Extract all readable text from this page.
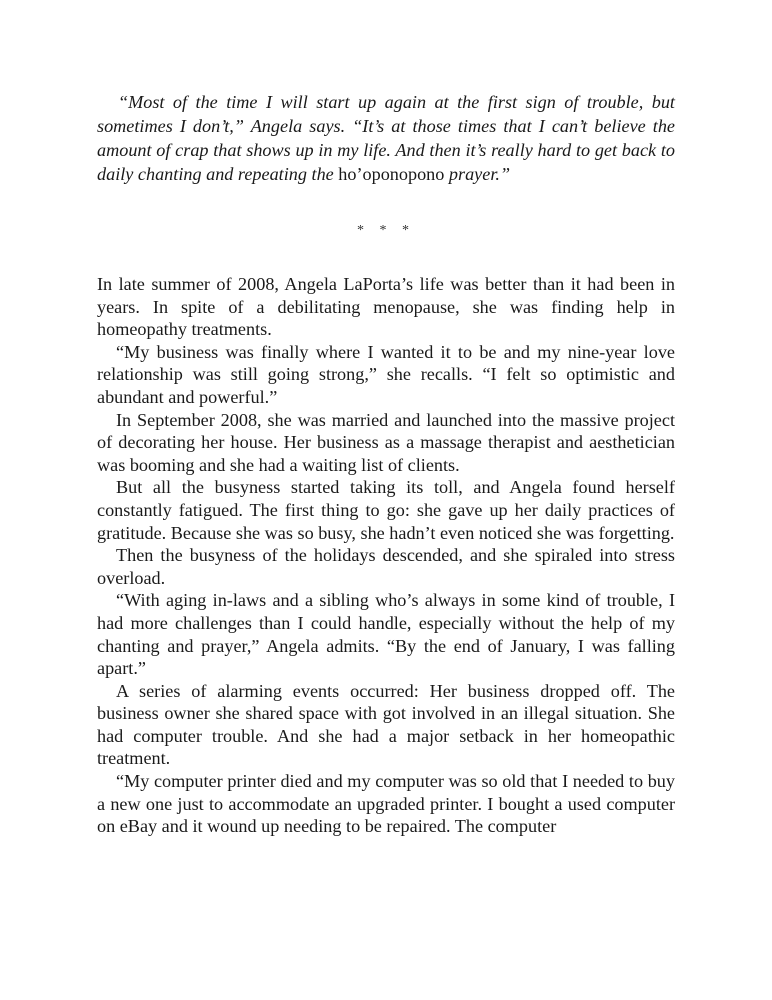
“Most of the time I will start up again at the first sign of trouble, but sometimes I don’t,” Angela says. “It’s at those times that I can’t believe the amount of crap that shows up in my life. And then it’s really hard to get back to daily chanting and repeating the ho’oponopono prayer.”

* * *

In late summer of 2008, Angela LaPorta’s life was better than it had been in years. In spite of a debilitating menopause, she was finding help in homeopathy treatments.

“My business was finally where I wanted it to be and my nine-year love relationship was still going strong,” she recalls. “I felt so optimistic and abundant and powerful.”

In September 2008, she was married and launched into the massive project of decorating her house. Her business as a massage therapist and aesthetician was booming and she had a waiting list of clients.

But all the busyness started taking its toll, and Angela found herself constantly fatigued. The first thing to go: she gave up her daily practices of gratitude. Because she was so busy, she hadn’t even noticed she was forgetting.

Then the busyness of the holidays descended, and she spiraled into stress overload.

“With aging in-laws and a sibling who’s always in some kind of trouble, I had more challenges than I could handle, especially without the help of my chanting and prayer,” Angela admits. “By the end of January, I was falling apart.”

A series of alarming events occurred: Her business dropped off. The business owner she shared space with got involved in an illegal situation. She had computer trouble. And she had a major setback in her homeopathic treatment.

“My computer printer died and my computer was so old that I needed to buy a new one just to accommodate an upgraded printer. I bought a used computer on eBay and it wound up needing to be repaired. The computer
